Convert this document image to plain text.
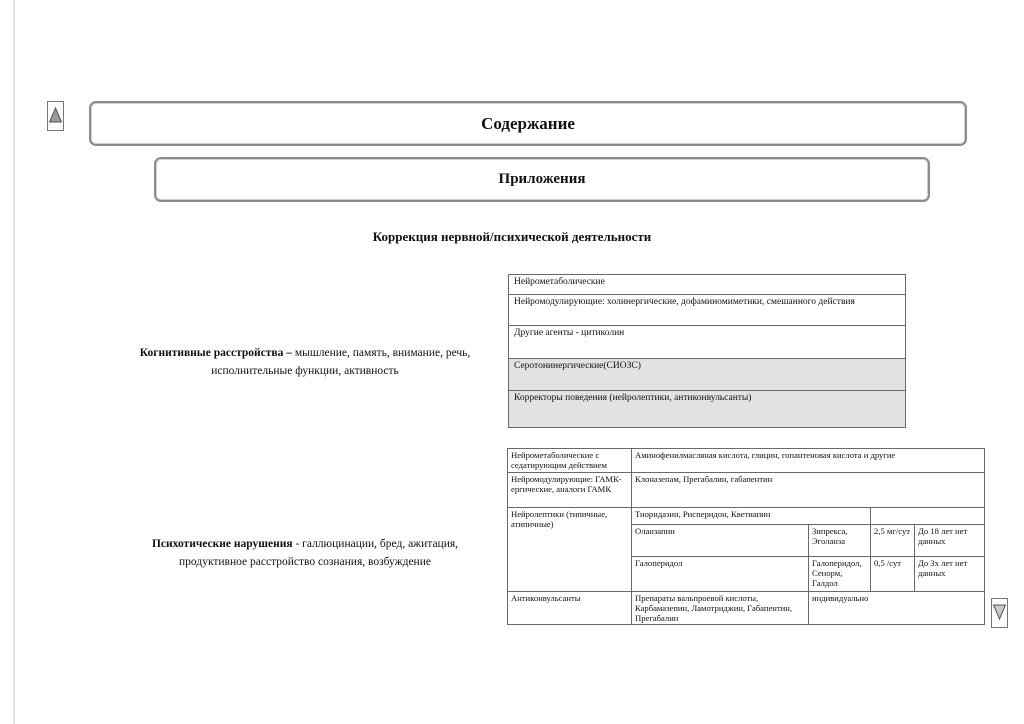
Содержание
Приложения
Коррекция нервной/психической деятельности
Когнитивные расстройства – мышление, память, внимание, речь,
исполнительные функции, активность
Нейрометаболические
Нейромодулирующие: холинергические, дофаминомиметики, смешанного действия
Другие агенты - цитиколин
Серотонинергические(СИОЗС)
Корректоры поведения (нейролептики, антиконвульсанты)
Психотические нарушения - галлюцинации, бред, ажитация,
продуктивное расстройство сознания, возбуждение
Нейрометаболические с седатирующим действием	Аминофенилмасляная кислота, глицин, гопантеновая кислота и другие			
Нейромодулирующие: ГАМК-ергические, аналоги ГАМК	Клоназепам, Прегабалин, габапентин			
Нейролептики (типичные, атипичные)	Тиоридазин, Рисперидон, Кветиапин			
	Оланзапин	Зипрекса, Эголанза	2,5 мг/сут	До 18 лет нет данных
	Галоперидол	Галоперидол, Сенорм, Галдол	0,5 /сут	До 3х лет нет данных
Антиконвульсанты	Препараты вальпроевой кислоты, Карбамазепин, Ламотриджин, Габапентин, Прегабалин	индивидуально		
